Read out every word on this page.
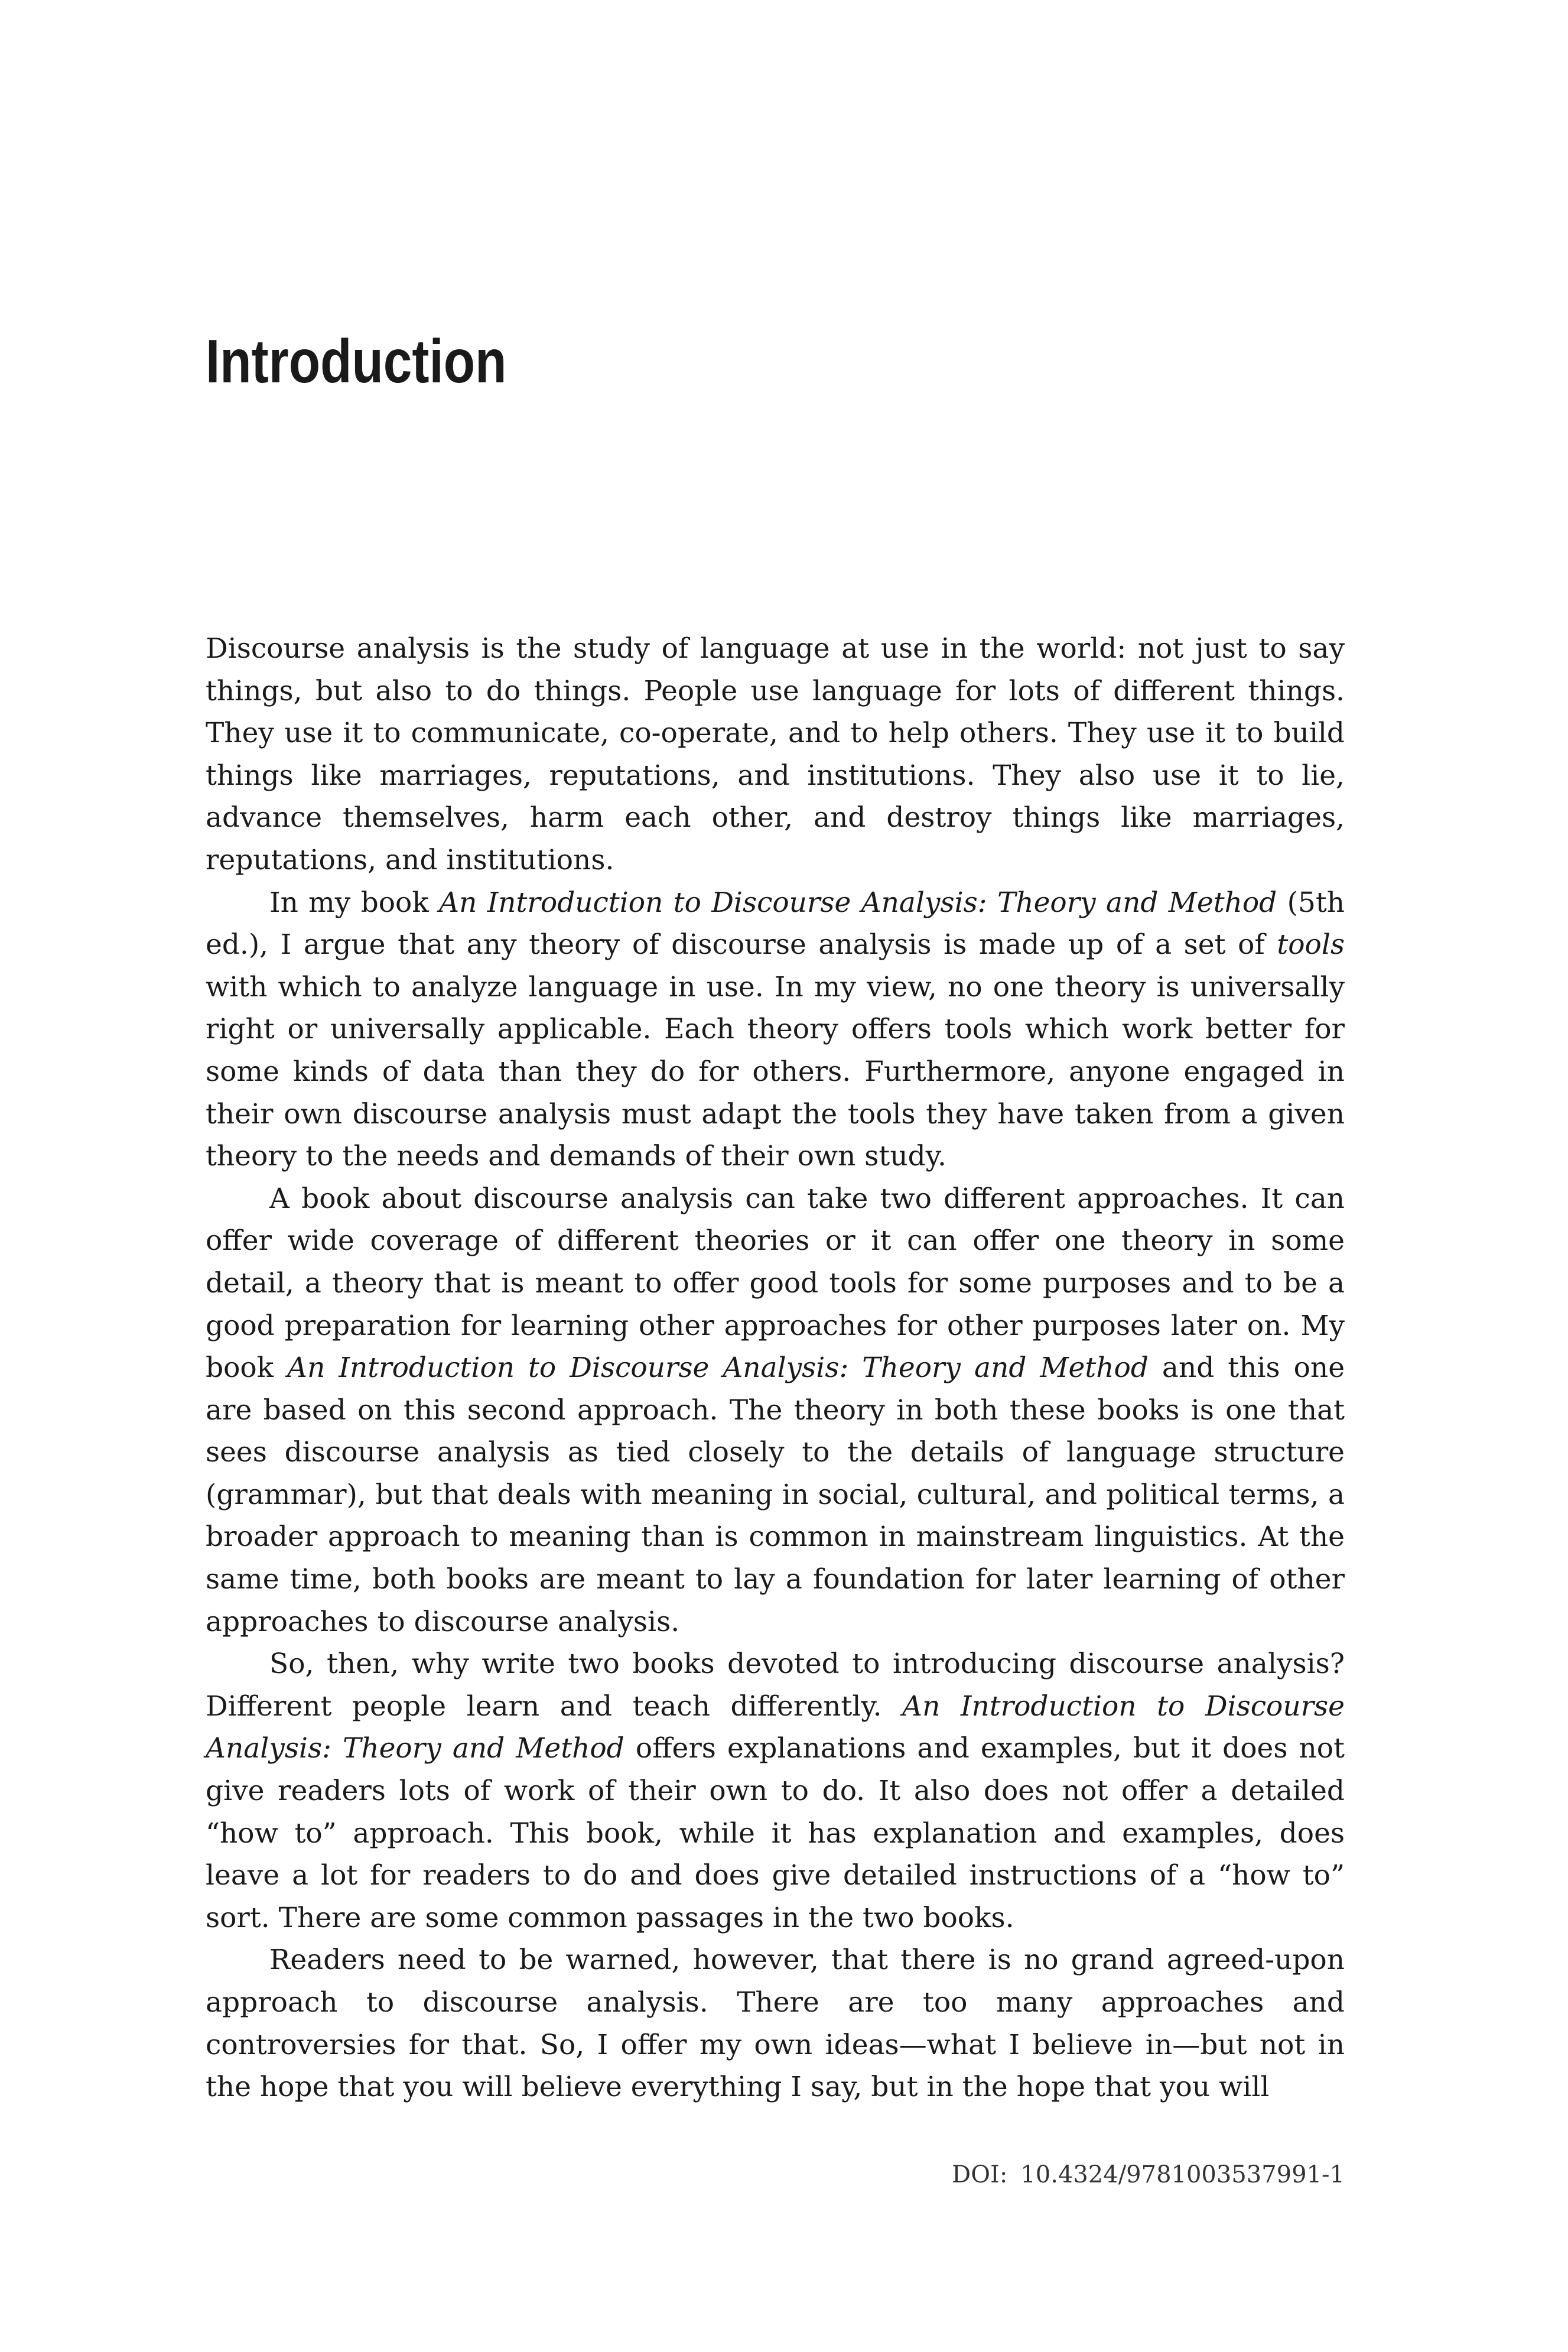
Introduction

Discourse analysis is the study of language at use in the world: not just to say things, but also to do things. People use language for lots of different things. They use it to communicate, co-operate, and to help others. They use it to build things like marriages, reputations, and institutions. They also use it to lie, advance themselves, harm each other, and destroy things like marriages, reputations, and institutions.

In my book An Introduction to Discourse Analysis: Theory and Method (5th ed.), I argue that any theory of discourse analysis is made up of a set of tools with which to analyze language in use. In my view, no one theory is universally right or universally applicable. Each theory offers tools which work better for some kinds of data than they do for others. Furthermore, anyone engaged in their own discourse analysis must adapt the tools they have taken from a given theory to the needs and demands of their own study.

A book about discourse analysis can take two different approaches. It can offer wide coverage of different theories or it can offer one theory in some detail, a theory that is meant to offer good tools for some purposes and to be a good preparation for learning other approaches for other purposes later on. My book An Introduction to Discourse Analysis: Theory and Method and this one are based on this second approach. The theory in both these books is one that sees discourse analysis as tied closely to the details of language structure (grammar), but that deals with meaning in social, cultural, and political terms, a broader approach to meaning than is common in mainstream linguistics. At the same time, both books are meant to lay a foundation for later learning of other approaches to discourse analysis.

So, then, why write two books devoted to introducing discourse analysis? Different people learn and teach differently. An Introduction to Discourse Analysis: Theory and Method offers explanations and examples, but it does not give readers lots of work of their own to do. It also does not offer a detailed “how to” approach. This book, while it has explanation and examples, does leave a lot for readers to do and does give detailed instructions of a “how to” sort. There are some common passages in the two books.

Readers need to be warned, however, that there is no grand agreed-upon approach to discourse analysis. There are too many approaches and controversies for that. So, I offer my own ideas—what I believe in—but not in the hope that you will believe everything I say, but in the hope that you will

DOI: 10.4324/9781003537991-1
